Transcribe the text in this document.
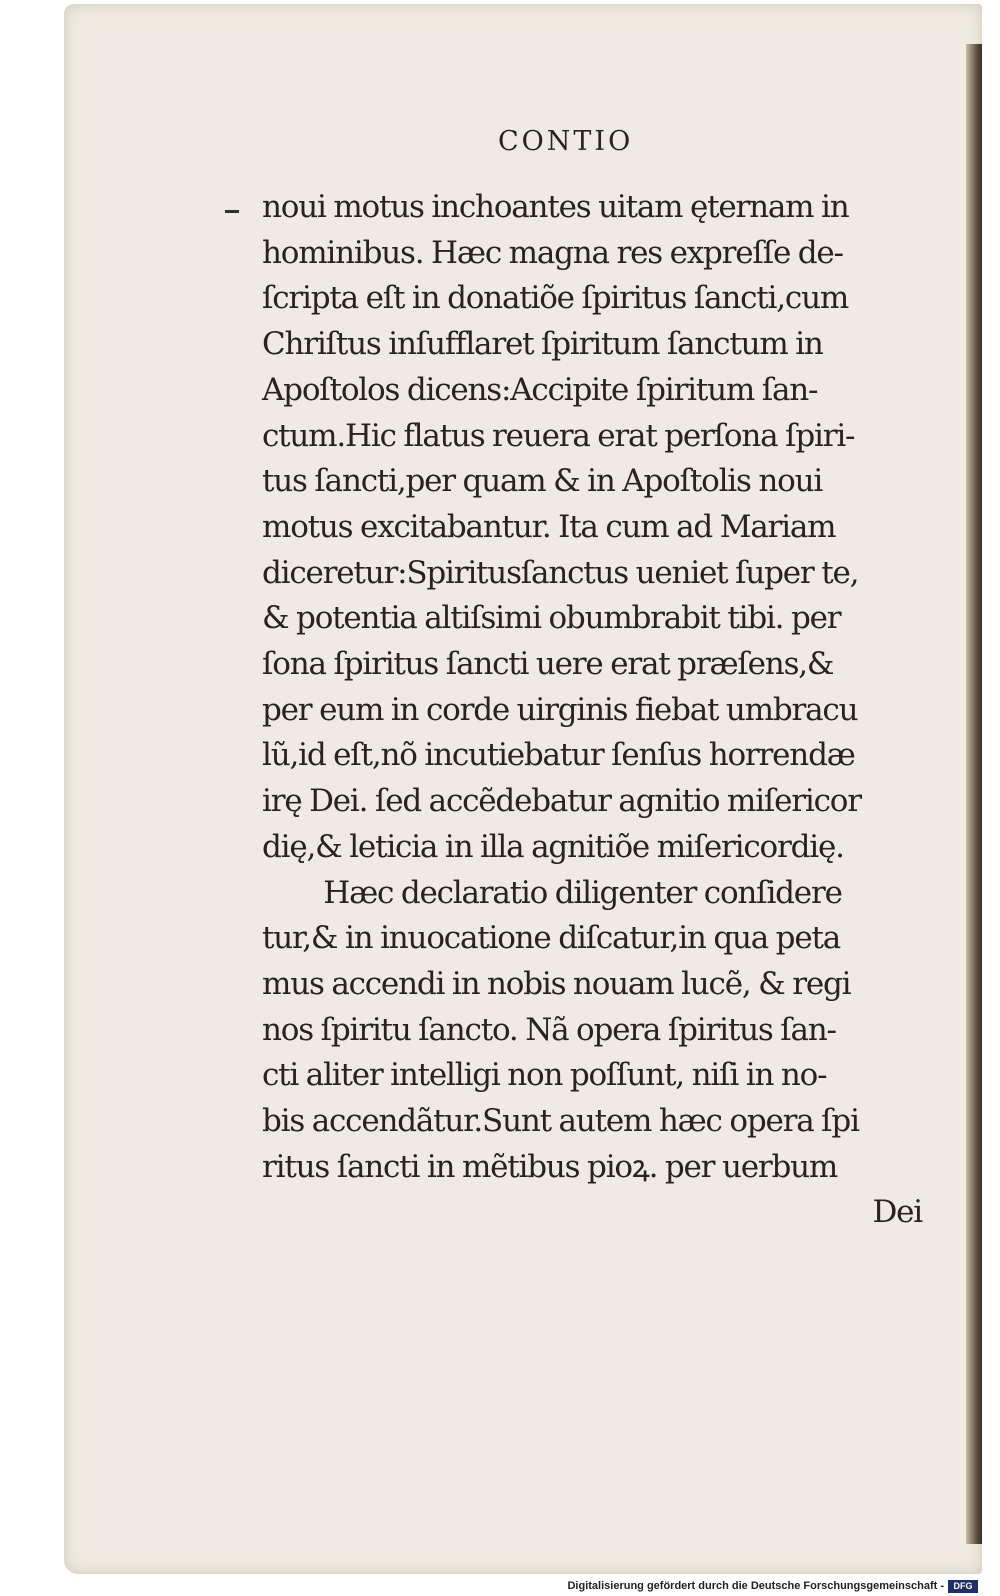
CONTIO
noui motus inchoantes uitam ęternam in
hominibus. Hæc magna res expreſſe de-
ſcripta eſt in donatiõe ſpiritus ſancti,cum
Chriſtus inſufflaret ſpiritum ſanctum in
Apoſtolos dicens:Accipite ſpiritum ſan-
ctum.Hic flatus reuera erat perſona ſpiri-
tus ſancti,per quam & in Apoſtolis noui
motus excitabantur. Ita cum ad Mariam
diceretur:Spiritusſanctus ueniet ſuper te,
& potentia altiſsimi obumbrabit tibi. per
ſona ſpiritus ſancti uere erat præſens,&
per eum in corde uirginis fiebat umbracu
lũ,id eſt,nõ incutiebatur ſenſus horrendæ
irę Dei. ſed accẽdebatur agnitio miſericor
dię,& leticia in illa agnitiõe miſericordię.
Hæc declaratio diligenter conſidere
tur,& in inuocatione diſcatur,in qua peta
mus accendi in nobis nouam lucẽ, & regi
nos ſpiritu ſancto. Nã opera ſpiritus ſan-
cti aliter intelligi non poſſunt, niſi in no-
bis accendãtur.Sunt autem hæc opera ſpi
ritus ſancti in mẽtibus pioꝝ. per uerbum
Dei
Digitalisierung gefördert durch die Deutsche Forschungsgemeinschaft -	DFG
